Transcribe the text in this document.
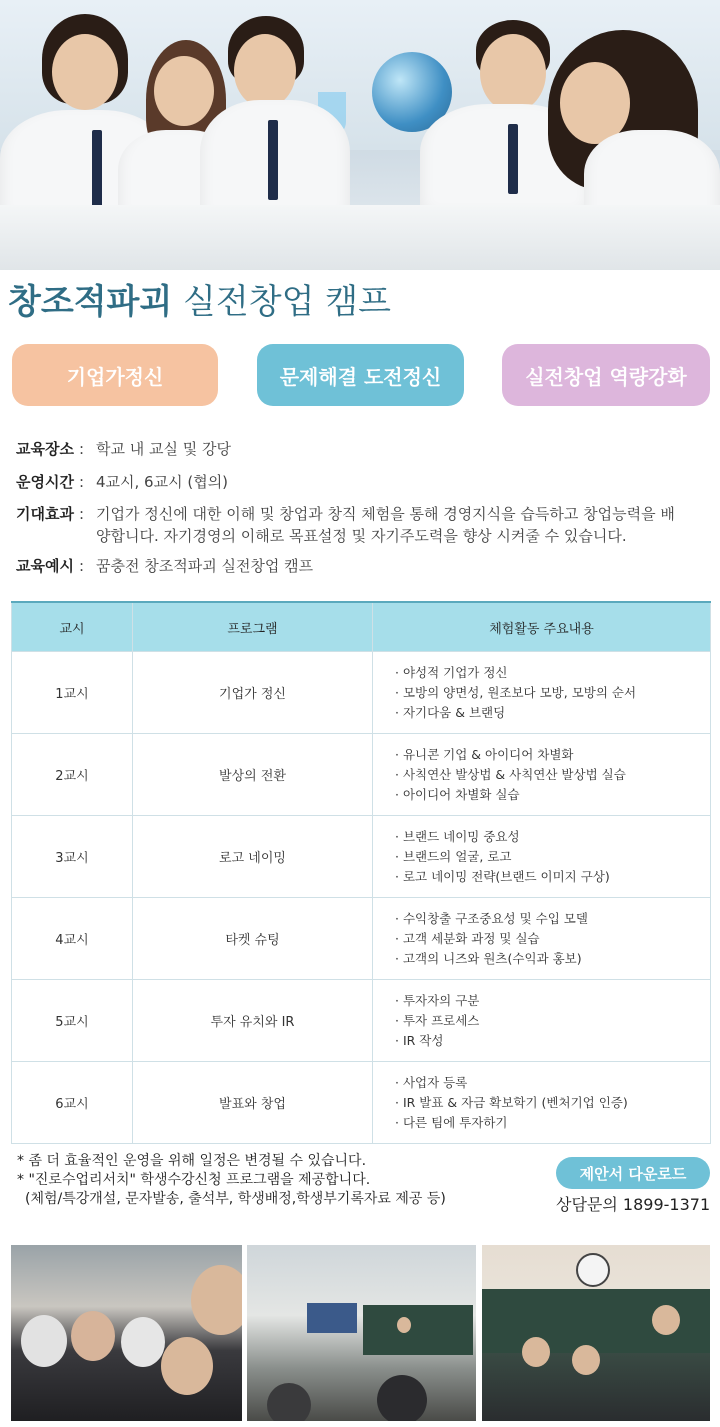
창조적파괴 실전창업 캠프
기업가정신	문제해결 도전정신	실전창업 역량강화
교육장소 : 학교 내 교실 및 강당
운영시간 : 4교시, 6교시 (협의)
기대효과 : 기업가 정신에 대한 이해 및 창업과 창직 체험을 통해 경영지식을 습득하고 창업능력을 배양합니다. 자기경영의 이해로 목표설정 및 자기주도력을 향상 시켜줄 수 있습니다.
교육예시 : 꿈충전 창조적파괴 실전창업 캠프
교시	프로그램	체험활동 주요내용
1교시	기업가 정신	· 야성적 기업가 정신
· 모방의 양면성, 원조보다 모방, 모방의 순서
· 자기다움 & 브랜딩

2교시	발상의 전환	· 유니콘 기업 & 아이디어 차별화
· 사칙연산 발상법 & 사칙연산 발상법 실습
· 아이디어 차별화 실습

3교시	로고 네이밍	· 브랜드 네이밍 중요성
· 브랜드의 얼굴, 로고
· 로고 네이밍 전략(브랜드 이미지 구상)

4교시	타켓 슈팅	· 수익창출 구조중요성 및 수입 모델
· 고객 세분화 과정 및 실습
· 고객의 니즈와 원츠(수익과 홍보)

5교시	투자 유치와 IR	· 투자자의 구분
· 투자 프로세스
· IR 작성

6교시	발표와 창업	· 사업자 등록
· IR 발표 & 자금 확보학기 (벤처기업 인증)
· 다른 팀에 투자하기
* 좀 더 효율적인 운영을 위해 일정은 변경될 수 있습니다.
* "진로수업리서치" 학생수강신청 프로그램을 제공합니다.
(체험/특강개설, 문자발송, 출석부, 학생배정,학생부기록자료 제공 등)
제안서 다운로드
상담문의 1899-1371
